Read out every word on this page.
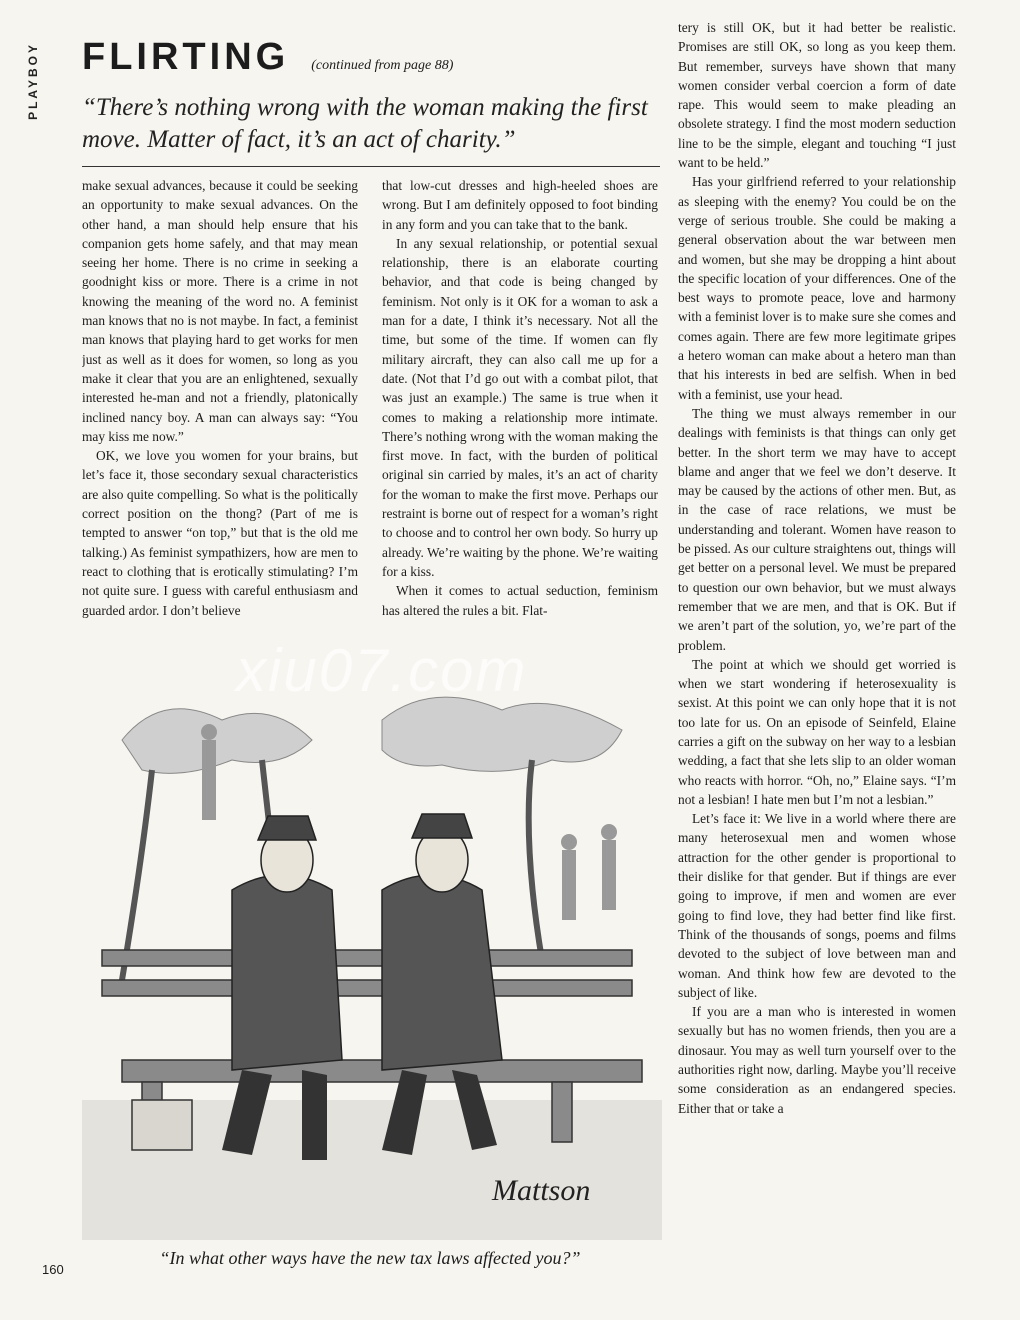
PLAYBOY FLIRTING (continued from page 88)
“There’s nothing wrong with the woman making the first move. Matter of fact, it’s an act of charity.”

make sexual advances, because it could be seeking an opportunity to make sexual advances. On the other hand, a man should help ensure that his companion gets home safely, and that may mean seeing her home. There is no crime in seeking a goodnight kiss or more. There is a crime in not knowing the meaning of the word no. A feminist man knows that no is not maybe. In fact, a feminist man knows that playing hard to get works for men just as well as it does for women, so long as you make it clear that you are an enlightened, sexually interested he-man and not a friendly, platonically inclined nancy boy. A man can always say: “You may kiss me now.”

OK, we love you women for your brains, but let’s face it, those secondary sexual characteristics are also quite compelling. So what is the politically correct position on the thong? (Part of me is tempted to answer “on top,” but that is the old me talking.) As feminist sympathizers, how are men to react to clothing that is erotically stimulating? I’m not quite sure. I guess with careful enthusiasm and guarded ardor. I don’t believe

that low-cut dresses and high-heeled shoes are wrong. But I am definitely opposed to foot binding in any form and you can take that to the bank.

In any sexual relationship, or potential sexual relationship, there is an elaborate courting behavior, and that code is being changed by feminism. Not only is it OK for a woman to ask a man for a date, I think it’s necessary. Not all the time, but some of the time. If women can fly military aircraft, they can also call me up for a date. (Not that I’d go out with a combat pilot, that was just an example.) The same is true when it comes to making a relationship more intimate. There’s nothing wrong with the woman making the first move. In fact, with the burden of political original sin carried by males, it’s an act of charity for the woman to make the first move. Perhaps our restraint is borne out of respect for a woman’s right to choose and to control her own body. So hurry up already. We’re waiting by the phone. We’re waiting for a kiss.

When it comes to actual seduction, feminism has altered the rules a bit. Flat-

tery is still OK, but it had better be realistic. Promises are still OK, so long as you keep them. But remember, surveys have shown that many women consider verbal coercion a form of date rape. This would seem to make pleading an obsolete strategy. I find the most modern seduction line to be the simple, elegant and touching “I just want to be held.”

Has your girlfriend referred to your relationship as sleeping with the enemy? You could be on the verge of serious trouble. She could be making a general observation about the war between men and women, but she may be dropping a hint about the specific location of your differences. One of the best ways to promote peace, love and harmony with a feminist lover is to make sure she comes and comes again. There are few more legitimate gripes a hetero woman can make about a hetero man than that his interests in bed are selfish. When in bed with a feminist, use your head.

The thing we must always remember in our dealings with feminists is that things can only get better. In the short term we may have to accept blame and anger that we feel we don’t deserve. It may be caused by the actions of other men. But, as in the case of race relations, we must be understanding and tolerant. Women have reason to be pissed. As our culture straightens out, things will get better on a personal level. We must be prepared to question our own behavior, but we must always remember that we are men, and that is OK. But if we aren’t part of the solution, yo, we’re part of the problem.

The point at which we should get worried is when we start wondering if heterosexuality is sexist. At this point we can only hope that it is not too late for us. On an episode of Seinfeld, Elaine carries a gift on the subway on her way to a lesbian wedding, a fact that she lets slip to an older woman who reacts with horror. “Oh, no,” Elaine says. “I’m not a lesbian! I hate men but I’m not a lesbian.”

Let’s face it: We live in a world where there are many heterosexual men and women whose attraction for the other gender is proportional to their dislike for that gender. But if things are ever going to improve, if men and women are ever going to find love, they had better find like first. Think of the thousands of songs, poems and films devoted to the subject of love between man and woman. And think how few are devoted to the subject of like.

If you are a man who is interested in women sexually but has no women friends, then you are a dinosaur. You may as well turn yourself over to the authorities right now, darling. Maybe you’ll receive some consideration as an endangered species. Either that or take a

Mattson
xiu07.com
“In what other ways have the new tax laws affected you?”
160
